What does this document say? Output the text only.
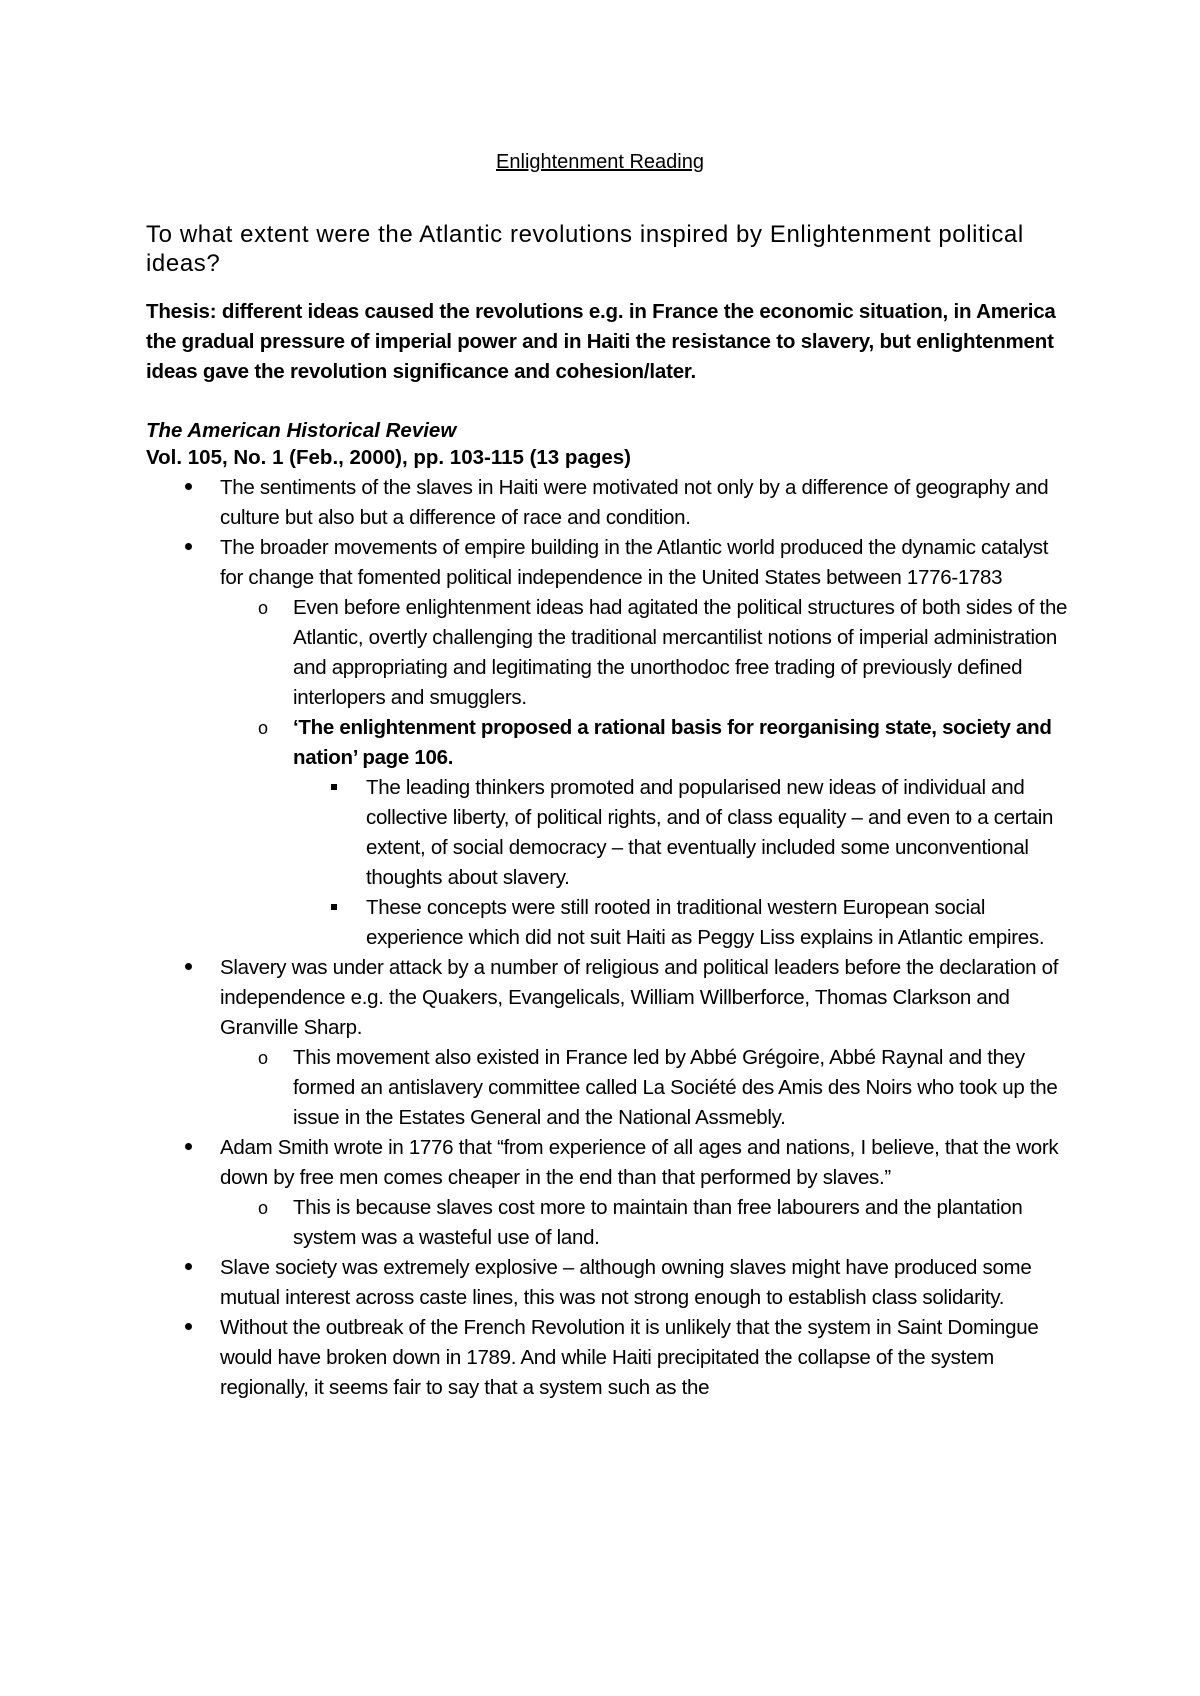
Enlightenment Reading
To what extent were the Atlantic revolutions inspired by Enlightenment political ideas?
Thesis: different ideas caused the revolutions e.g. in France the economic situation, in America the gradual pressure of imperial power and in Haiti the resistance to slavery, but enlightenment ideas gave the revolution significance and cohesion/later.
The American Historical Review
Vol. 105, No. 1 (Feb., 2000), pp. 103-115 (13 pages)
The sentiments of the slaves in Haiti were motivated not only by a difference of geography and culture but also but a difference of race and condition.
The broader movements of empire building in the Atlantic world produced the dynamic catalyst for change that fomented political independence in the United States between 1776-1783
o	Even before enlightenment ideas had agitated the political structures of both sides of the Atlantic, overtly challenging the traditional mercantilist notions of imperial administration and appropriating and legitimating the unorthodoc free trading of previously defined interlopers and smugglers.
o	‘The enlightenment proposed a rational basis for reorganising state, society and nation’ page 106.
The leading thinkers promoted and popularised new ideas of individual and collective liberty, of political rights, and of class equality – and even to a certain extent, of social democracy – that eventually included some unconventional thoughts about slavery.
These concepts were still rooted in traditional western European social experience which did not suit Haiti as Peggy Liss explains in Atlantic empires.
Slavery was under attack by a number of religious and political leaders before the declaration of independence e.g. the Quakers, Evangelicals, William Willberforce, Thomas Clarkson and Granville Sharp.
o	This movement also existed in France led by Abbé Grégoire, Abbé Raynal and they formed an antislavery committee called La Société des Amis des Noirs who took up the issue in the Estates General and the National Assmebly.
Adam Smith wrote in 1776 that “from experience of all ages and nations, I believe, that the work down by free men comes cheaper in the end than that performed by slaves.”
o	This is because slaves cost more to maintain than free labourers and the plantation system was a wasteful use of land.
Slave society was extremely explosive – although owning slaves might have produced some mutual interest across caste lines, this was not strong enough to establish class solidarity.
Without the outbreak of the French Revolution it is unlikely that the system in Saint Domingue would have broken down in 1789. And while Haiti precipitated the collapse of the system regionally, it seems fair to say that a system such as the
